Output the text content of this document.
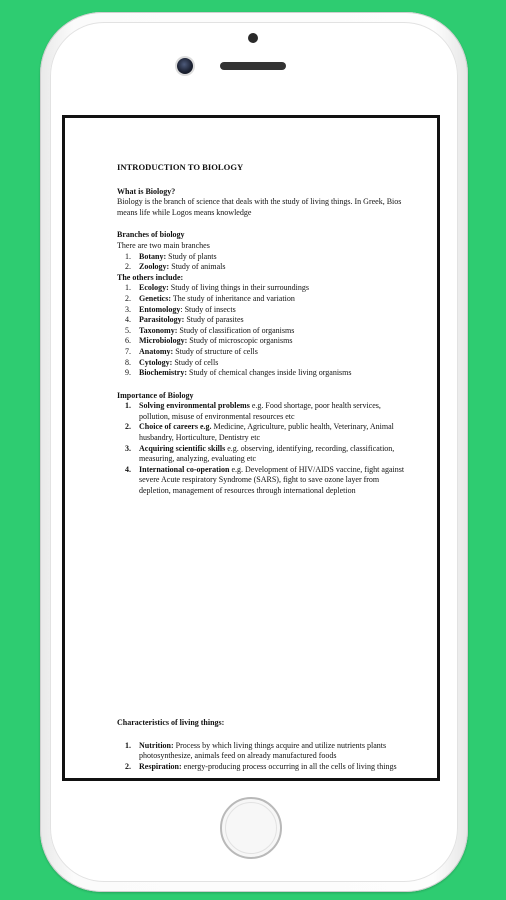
INTRODUCTION TO BIOLOGY
What is Biology?

Biology is the branch of science that deals with the study of living things. In Greek, Bios means life while Logos means knowledge

Branches of biology

There are two main branches

1. Botany: Study of plants
2. Zoology: Study of animals
The others include:
1. Ecology: Study of living things in their surroundings
2. Genetics: The study of inheritance and variation
3. Entomology: Study of insects
4. Parasitology: Study of parasites
5. Taxonomy: Study of classification of organisms
6. Microbiology: Study of microscopic organisms
7. Anatomy: Study of structure of cells
8. Cytology: Study of cells
9. Biochemistry: Study of chemical changes inside living organisms
Importance of Biology
1. Solving environmental problems e.g. Food shortage, poor health services, pollution, misuse of environmental resources etc
2. Choice of careers e.g. Medicine, Agriculture, public health, Veterinary, Animal husbandry, Horticulture, Dentistry etc
3. Acquiring scientific skills e.g. observing, identifying, recording, classification, measuring, analyzing, evaluating etc
4. International co-operation e.g. Development of HIV/AIDS vaccine, fight against severe Acute respiratory Syndrome (SARS), fight to save ozone layer from depletion, management of resources through international depletion
Characteristics of living things:
1. Nutrition: Process by which living things acquire and utilize nutrients plants photosynthesize, animals feed on already manufactured foods
2. Respiration: energy-producing process occurring in all the cells of living things
